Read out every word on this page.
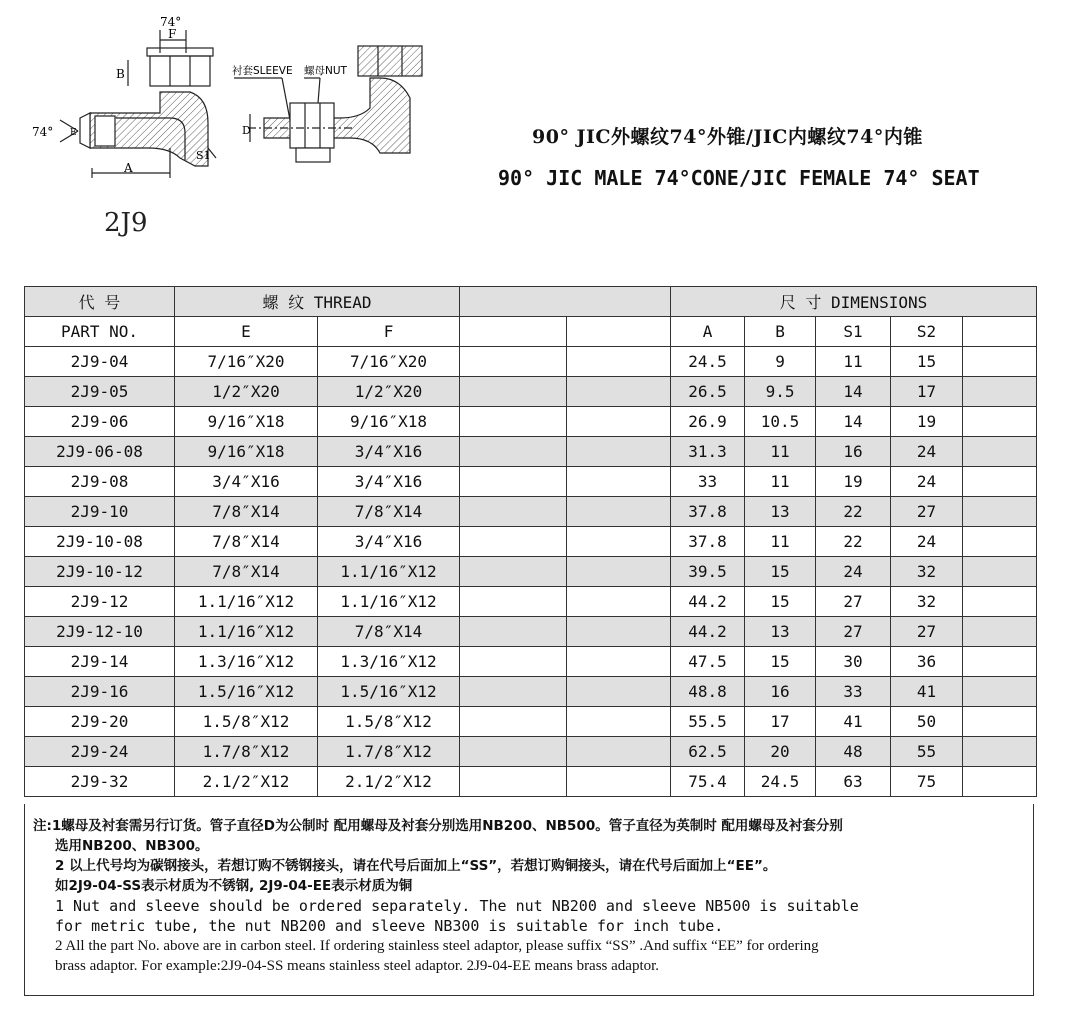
74°
F
B
74° E
A
S1
衬套SLEEVE 螺母NUT
D
2J9
90° JIC外螺纹74°外锥/JIC内螺纹74°内锥
90° JIC MALE 74°CONE/JIC FEMALE 74° SEAT
代 号	螺 纹 THREAD				尺 寸 DIMENSIONS				
PART NO.	E	F			A	B	S1	S2	
2J9-04	7/16″X20	7/16″X20			24.5	9	11	15	
2J9-05	1/2″X20	1/2″X20			26.5	9.5	14	17	
2J9-06	9/16″X18	9/16″X18			26.9	10.5	14	19	
2J9-06-08	9/16″X18	3/4″X16			31.3	11	16	24	
2J9-08	3/4″X16	3/4″X16			33	11	19	24	
2J9-10	7/8″X14	7/8″X14			37.8	13	22	27	
2J9-10-08	7/8″X14	3/4″X16			37.8	11	22	24	
2J9-10-12	7/8″X14	1.1/16″X12			39.5	15	24	32	
2J9-12	1.1/16″X12	1.1/16″X12			44.2	15	27	32	
2J9-12-10	1.1/16″X12	7/8″X14			44.2	13	27	27	
2J9-14	1.3/16″X12	1.3/16″X12			47.5	15	30	36	
2J9-16	1.5/16″X12	1.5/16″X12			48.8	16	33	41	
2J9-20	1.5/8″X12	1.5/8″X12			55.5	17	41	50	
2J9-24	1.7/8″X12	1.7/8″X12			62.5	20	48	55	
2J9-32	2.1/2″X12	2.1/2″X12			75.4	24.5	63	75	
注:1螺母及衬套需另行订货。管子直径D为公制时 配用螺母及衬套分别选用NB200、NB500。管子直径为英制时 配用螺母及衬套分别
选用NB200、NB300。
2 以上代号均为碳钢接头，若想订购不锈钢接头，请在代号后面加上“SS”，若想订购铜接头，请在代号后面加上“EE”。
如2J9-04-SS表示材质为不锈钢, 2J9-04-EE表示材质为铜
1 Nut and sleeve should be ordered separately. The nut NB200 and sleeve NB500 is suitable
for metric tube, the nut NB200 and sleeve NB300 is suitable for inch tube.
2 All the part No. above are in carbon steel. If ordering stainless steel adaptor, please suffix “SS” .And suffix “EE” for ordering
brass adaptor. For example:2J9-04-SS means stainless steel adaptor. 2J9-04-EE means brass adaptor.
